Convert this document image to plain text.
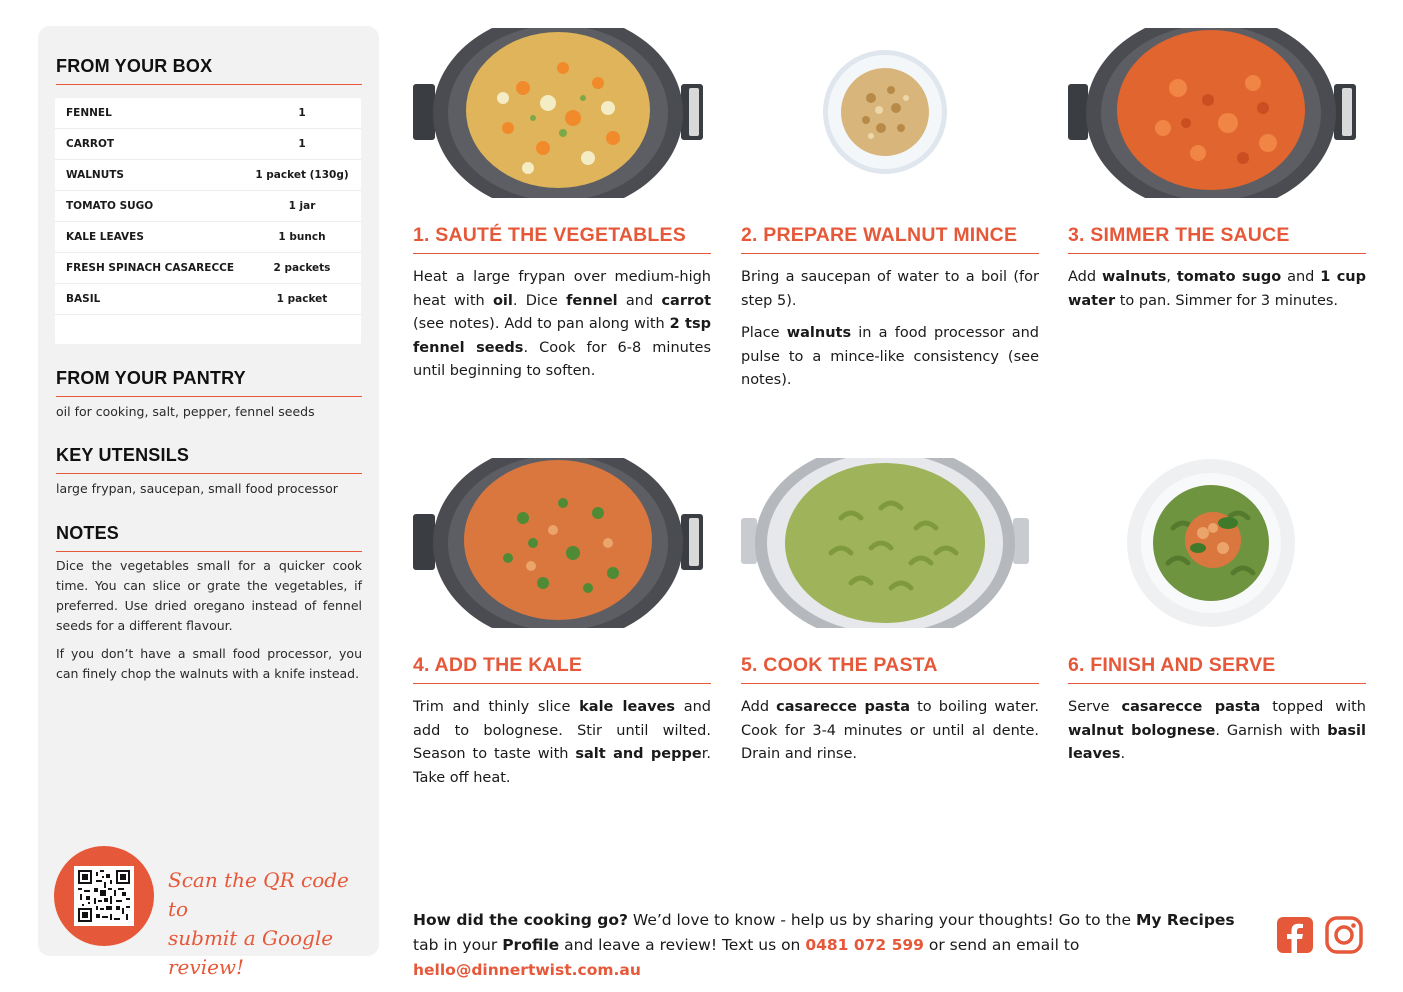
FROM YOUR BOX
FENNEL	1
CARROT	1
WALNUTS	1 packet (130g)
TOMATO SUGO	1 jar
KALE LEAVES	1 bunch
FRESH SPINACH CASARECCE	2 packets
BASIL	1 packet
FROM YOUR PANTRY
oil for cooking, salt, pepper, fennel seeds
KEY UTENSILS
large frypan, saucepan, small food processor
NOTES

Dice the vegetables small for a quicker cook time. You can slice or grate the vegetables, if preferred. Use dried oregano instead of fennel seeds for a different flavour.

If you don’t have a small food processor, you can finely chop the walnuts with a knife instead.

Scan the QR code to
submit a Google review!
1. SAUTÉ THE VEGETABLES

Heat a large frypan over medium-high heat with oil. Dice fennel and carrot (see notes). Add to pan along with 2 tsp fennel seeds. Cook for 6-8 minutes until beginning to soften.

2. PREPARE WALNUT MINCE

Bring a saucepan of water to a boil (for step 5).

Place walnuts in a food processor and pulse to a mince-like consistency (see notes).

3. SIMMER THE SAUCE

Add walnuts, tomato sugo and 1 cup water to pan. Simmer for 3 minutes.

4. ADD THE KALE

Trim and thinly slice kale leaves and add to bolognese. Stir until wilted. Season to taste with salt and pepper. Take off heat.

5. COOK THE PASTA

Add casarecce pasta to boiling water. Cook for 3-4 minutes or until al dente. Drain and rinse.

6. FINISH AND SERVE

Serve casarecce pasta topped with walnut bolognese. Garnish with basil leaves.

How did the cooking go? We’d love to know - help us by sharing your thoughts! Go to the My Recipes tab in your Profile and leave a review! Text us on 0481 072 599 or send an email to hello@dinnertwist.com.au
